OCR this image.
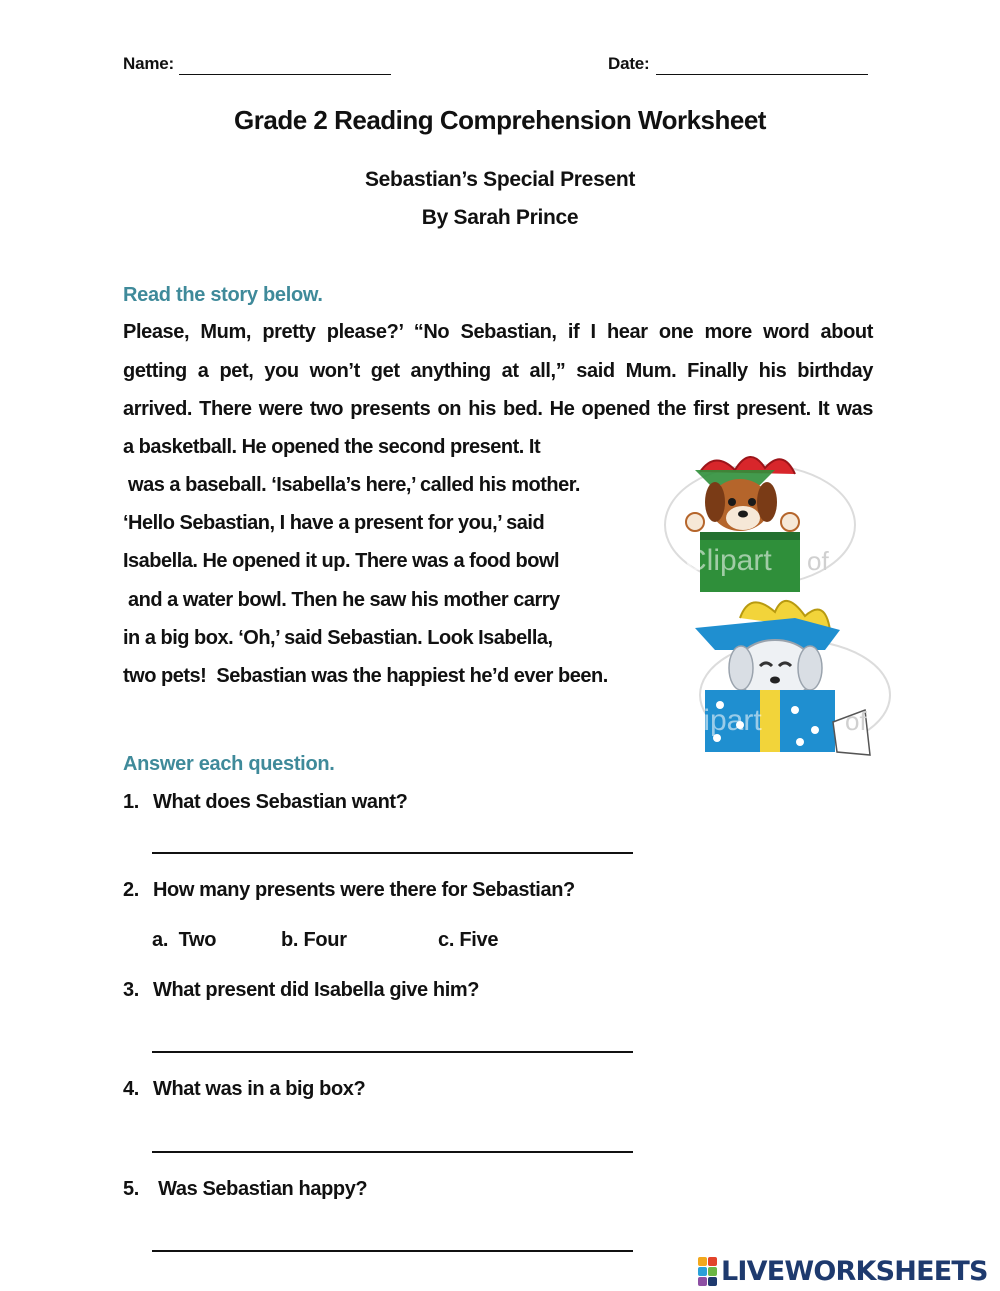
Name:	Date:
Grade 2 Reading Comprehension Worksheet
Sebastian’s Special Present
By Sarah Prince
Read the story below.
Please, Mum, pretty please?’ “No Sebastian, if I hear one more word about
getting a pet, you won’t get anything at all,” said Mum. Finally his birthday
arrived. There were two presents on his bed. He opened the first present. It was
a basketball. He opened the second present. It
was a baseball. ‘Isabella’s here,’ called his mother.
‘Hello Sebastian, I have a present for you,’ said
Isabella. He opened it up. There was a food bowl
and a water bowl. Then he saw his mother carry
in a big box. ‘Oh,’ said Sebastian. Look Isabella,
two pets!  Sebastian was the happiest he’d ever been.
Clipart of
Clipart	of
Answer each question.
1. What does Sebastian want?
2. How many presents were there for Sebastian?
a. Two	b. Four	c. Five
3. What present did Isabella give him?
4. What was in a big box?
5. Was Sebastian happy?
LIVEWORKSHEETS
